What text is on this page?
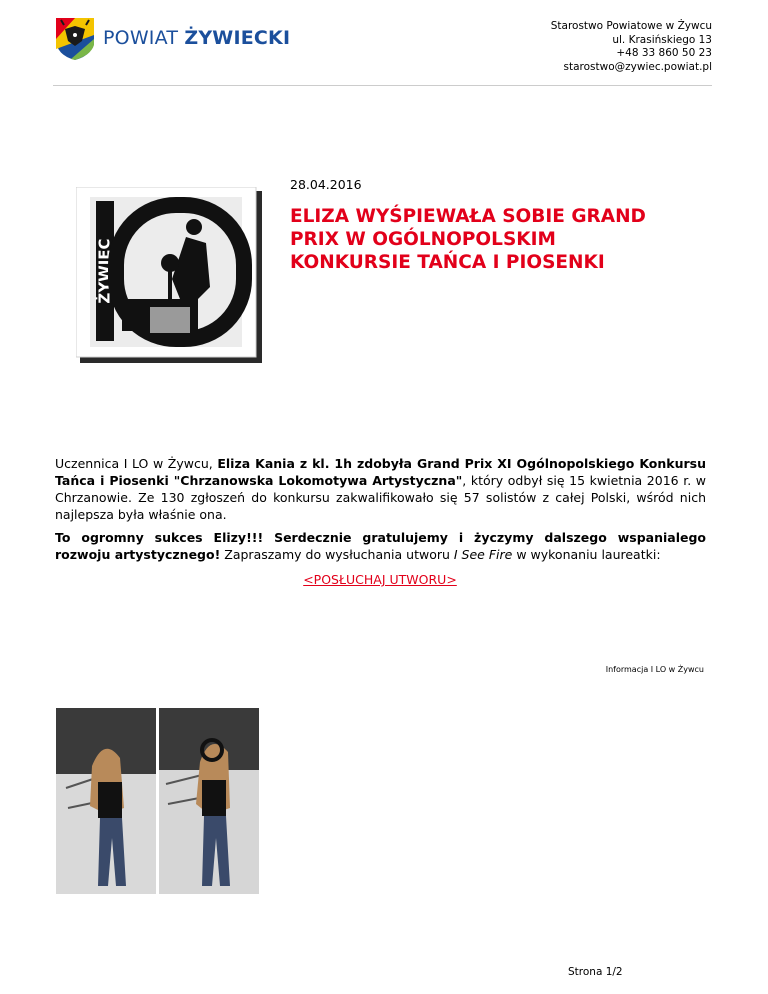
POWIAT ŻYWIECKI
Starostwo Powiatowe w Żywcu
ul. Krasińskiego 13
+48 33 860 50 23
starostwo@zywiec.powiat.pl
ŻYWIEC
28.04.2016
ELIZA WYŚPIEWAŁA SOBIE GRAND PRIX W OGÓLNOPOLSKIM KONKURSIE TAŃCA I PIOSENKI

Uczennica I LO w Żywcu, Eliza Kania z kl. 1h zdobyła Grand Prix XI Ogólnopolskiego Konkursu Tańca i Piosenki "Chrzanowska Lokomotywa Artystyczna", który odbył się 15 kwietnia 2016 r. w Chrzanowie. Ze 130 zgłoszeń do konkursu zakwalifikowało się 57 solistów z całej Polski, wśród nich najlepsza była właśnie ona.

To ogromny sukces Elizy!!! Serdecznie gratulujemy i życzymy dalszego wspanialego rozwoju artystycznego! Zapraszamy do wysłuchania utworu I See Fire w wykonaniu laureatki:

<POSŁUCHAJ UTWORU>
Informacja I LO w Żywcu
Strona 1/2
